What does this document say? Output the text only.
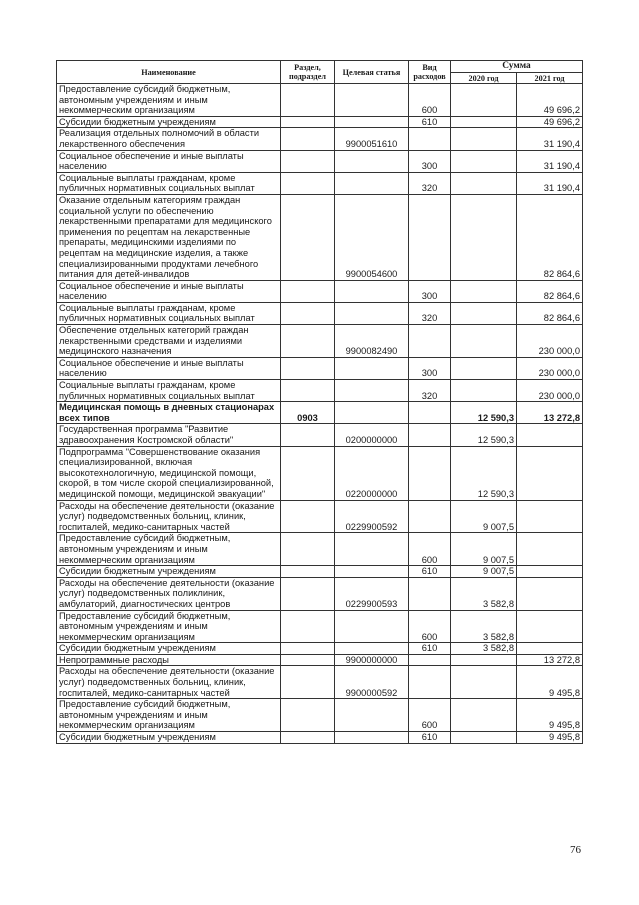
Наименование	Раздел, подраздел	Целевая статья	Вид расходов	Сумма	
				2020 год	2021 год
Предоставление субсидий бюджетным, автономным учреждениям и иным некоммерческим организациям			600		49 696,2
Субсидии бюджетным учреждениям			610		49 696,2
Реализация отдельных полномочий в области лекарственного обеспечения		9900051610			31 190,4
Социальное обеспечение и иные выплаты населению			300		31 190,4
Социальные выплаты гражданам, кроме публичных нормативных социальных выплат			320		31 190,4
Оказание отдельным категориям граждан социальной услуги по обеспечению лекарственными препаратами для медицинского применения по рецептам на лекарственные препараты, медицинскими изделиями по рецептам на медицинские изделия, а также специализированными продуктами лечебного питания для детей-инвалидов		9900054600			82 864,6
Социальное обеспечение и иные выплаты населению			300		82 864,6
Социальные выплаты гражданам, кроме публичных нормативных социальных выплат			320		82 864,6
Обеспечение отдельных категорий граждан лекарственными средствами и изделиями медицинского назначения		9900082490			230 000,0
Социальное обеспечение и иные выплаты населению			300		230 000,0
Социальные выплаты гражданам, кроме публичных нормативных социальных выплат			320		230 000,0
Медицинская помощь в дневных стационарах всех типов	0903			12 590,3	13 272,8
Государственная программа "Развитие здравоохранения Костромской области"		0200000000		12 590,3	
Подпрограмма "Совершенствование оказания специализированной, включая высокотехнологичную, медицинской помощи, скорой, в том числе скорой специализированной, медицинской помощи, медицинской эвакуации"		0220000000		12 590,3	
Расходы на обеспечение деятельности (оказание услуг) подведомственных больниц, клиник, госпиталей, медико-санитарных частей		0229900592		9 007,5	
Предоставление субсидий бюджетным, автономным учреждениям и иным некоммерческим организациям			600	9 007,5	
Субсидии бюджетным учреждениям			610	9 007,5	
Расходы на обеспечение деятельности (оказание услуг) подведомственных поликлиник, амбулаторий, диагностических центров		0229900593		3 582,8	
Предоставление субсидий бюджетным, автономным учреждениям и иным некоммерческим организациям			600	3 582,8	
Субсидии бюджетным учреждениям			610	3 582,8	
Непрограммные расходы		9900000000			13 272,8
Расходы на обеспечение деятельности (оказание услуг) подведомственных больниц, клиник, госпиталей, медико-санитарных частей		9900000592			9 495,8
Предоставление субсидий бюджетным, автономным учреждениям и иным некоммерческим организациям			600		9 495,8
Субсидии бюджетным учреждениям			610		9 495,8
76
